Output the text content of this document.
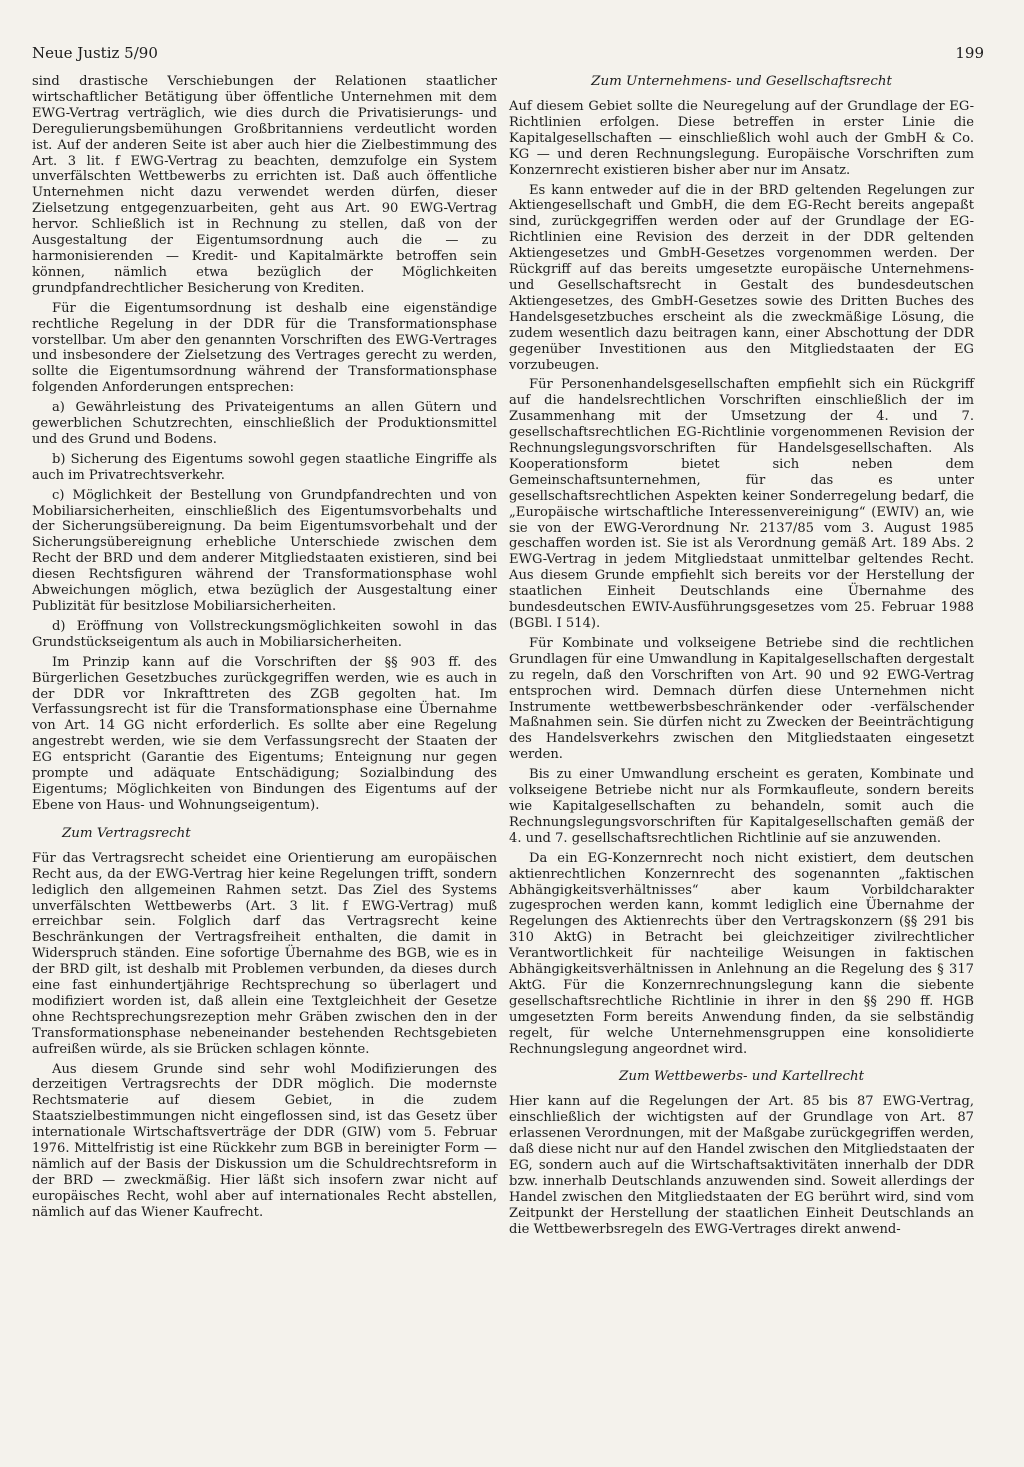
Neue Justiz 5/90	199

sind drastische Verschiebungen der Relationen staatlicher wirtschaftlicher Betätigung über öffentliche Unternehmen mit dem EWG-Vertrag verträglich, wie dies durch die Privatisierungs- und Deregulierungsbemühungen Großbritanniens verdeutlicht worden ist. Auf der anderen Seite ist aber auch hier die Zielbestimmung des Art. 3 lit. f EWG-Vertrag zu beachten, demzufolge ein System unverfälschten Wettbewerbs zu errichten ist. Daß auch öffentliche Unternehmen nicht dazu verwendet werden dürfen, dieser Zielsetzung entgegenzuarbeiten, geht aus Art. 90 EWG-Vertrag hervor. Schließlich ist in Rechnung zu stellen, daß von der Ausgestaltung der Eigentumsordnung auch die — zu harmonisierenden — Kredit- und Kapitalmärkte betroffen sein können, nämlich etwa bezüglich der Möglichkeiten grundpfandrechtlicher Besicherung von Krediten.

Für die Eigentumsordnung ist deshalb eine eigenständige rechtliche Regelung in der DDR für die Transformationsphase vorstellbar. Um aber den genannten Vorschriften des EWG-Vertrages und insbesondere der Zielsetzung des Vertrages gerecht zu werden, sollte die Eigentumsordnung während der Transformationsphase folgenden Anforderungen entsprechen:

a) Gewährleistung des Privateigentums an allen Gütern und gewerblichen Schutzrechten, einschließlich der Produktionsmittel und des Grund und Bodens.

b) Sicherung des Eigentums sowohl gegen staatliche Eingriffe als auch im Privatrechtsverkehr.

c) Möglichkeit der Bestellung von Grundpfandrechten und von Mobiliarsicherheiten, einschließlich des Eigentumsvorbehalts und der Sicherungsübereignung. Da beim Eigentumsvorbehalt und der Sicherungsübereignung erhebliche Unterschiede zwischen dem Recht der BRD und dem anderer Mitgliedstaaten existieren, sind bei diesen Rechtsfiguren während der Transformationsphase wohl Abweichungen möglich, etwa bezüglich der Ausgestaltung einer Publizität für besitzlose Mobiliarsicherheiten.

d) Eröffnung von Vollstreckungsmöglichkeiten sowohl in das Grundstückseigentum als auch in Mobiliarsicherheiten.

Im Prinzip kann auf die Vorschriften der §§ 903 ff. des Bürgerlichen Gesetzbuches zurückgegriffen werden, wie es auch in der DDR vor Inkrafttreten des ZGB gegolten hat. Im Verfassungsrecht ist für die Transformationsphase eine Übernahme von Art. 14 GG nicht erforderlich. Es sollte aber eine Regelung angestrebt werden, wie sie dem Verfassungsrecht der Staaten der EG entspricht (Garantie des Eigentums; Enteignung nur gegen prompte und adäquate Entschädigung; Sozialbindung des Eigentums; Möglichkeiten von Bindungen des Eigentums auf der Ebene von Haus- und Wohnungseigentum).

Zum Vertragsrecht

Für das Vertragsrecht scheidet eine Orientierung am europäischen Recht aus, da der EWG-Vertrag hier keine Regelungen trifft, sondern lediglich den allgemeinen Rahmen setzt. Das Ziel des Systems unverfälschten Wettbewerbs (Art. 3 lit. f EWG-Vertrag) muß erreichbar sein. Folglich darf das Vertragsrecht keine Beschränkungen der Vertragsfreiheit enthalten, die damit in Widerspruch ständen. Eine sofortige Übernahme des BGB, wie es in der BRD gilt, ist deshalb mit Problemen verbunden, da dieses durch eine fast einhundertjährige Rechtsprechung so überlagert und modifiziert worden ist, daß allein eine Textgleichheit der Gesetze ohne Rechtsprechungsrezeption mehr Gräben zwischen den in der Transformationsphase nebeneinander bestehenden Rechtsgebieten aufreißen würde, als sie Brücken schlagen könnte.

Aus diesem Grunde sind sehr wohl Modifizierungen des derzeitigen Vertragsrechts der DDR möglich. Die modernste Rechtsmaterie auf diesem Gebiet, in die zudem Staatszielbestimmungen nicht eingeflossen sind, ist das Gesetz über internationale Wirtschaftsverträge der DDR (GIW) vom 5. Februar 1976. Mittelfristig ist eine Rückkehr zum BGB in bereinigter Form — nämlich auf der Basis der Diskussion um die Schuldrechtsreform in der BRD — zweckmäßig. Hier läßt sich insofern zwar nicht auf europäisches Recht, wohl aber auf internationales Recht abstellen, nämlich auf das Wiener Kaufrecht.

Zum Unternehmens- und Gesellschaftsrecht

Auf diesem Gebiet sollte die Neuregelung auf der Grundlage der EG-Richtlinien erfolgen. Diese betreffen in erster Linie die Kapitalgesellschaften — einschließlich wohl auch der GmbH & Co. KG — und deren Rechnungslegung. Europäische Vorschriften zum Konzernrecht existieren bisher aber nur im Ansatz.

Es kann entweder auf die in der BRD geltenden Regelungen zur Aktiengesellschaft und GmbH, die dem EG-Recht bereits angepaßt sind, zurückgegriffen werden oder auf der Grundlage der EG-Richtlinien eine Revision des derzeit in der DDR geltenden Aktiengesetzes und GmbH-Gesetzes vorgenommen werden. Der Rückgriff auf das bereits umgesetzte europäische Unternehmens- und Gesellschaftsrecht in Gestalt des bundesdeutschen Aktiengesetzes, des GmbH-Gesetzes sowie des Dritten Buches des Handelsgesetzbuches erscheint als die zweckmäßige Lösung, die zudem wesentlich dazu beitragen kann, einer Abschottung der DDR gegenüber Investitionen aus den Mitgliedstaaten der EG vorzubeugen.

Für Personenhandelsgesellschaften empfiehlt sich ein Rückgriff auf die handelsrechtlichen Vorschriften einschließlich der im Zusammenhang mit der Umsetzung der 4. und 7. gesellschaftsrechtlichen EG-Richtlinie vorgenommenen Revision der Rechnungslegungsvorschriften für Handelsgesellschaften. Als Kooperationsform bietet sich neben dem Gemeinschaftsunternehmen, für das es unter gesellschaftsrechtlichen Aspekten keiner Sonderregelung bedarf, die „Europäische wirtschaftliche Interessenvereinigung“ (EWIV) an, wie sie von der EWG-Verordnung Nr. 2137/85 vom 3. August 1985 geschaffen worden ist. Sie ist als Verordnung gemäß Art. 189 Abs. 2 EWG-Vertrag in jedem Mitgliedstaat unmittelbar geltendes Recht. Aus diesem Grunde empfiehlt sich bereits vor der Herstellung der staatlichen Einheit Deutschlands eine Übernahme des bundesdeutschen EWIV-Ausführungsgesetzes vom 25. Februar 1988 (BGBl. I 514).

Für Kombinate und volkseigene Betriebe sind die rechtlichen Grundlagen für eine Umwandlung in Kapitalgesellschaften dergestalt zu regeln, daß den Vorschriften von Art. 90 und 92 EWG-Vertrag entsprochen wird. Demnach dürfen diese Unternehmen nicht Instrumente wettbewerbsbeschränkender oder -verfälschender Maßnahmen sein. Sie dürfen nicht zu Zwecken der Beeinträchtigung des Handelsverkehrs zwischen den Mitgliedstaaten eingesetzt werden.

Bis zu einer Umwandlung erscheint es geraten, Kombinate und volkseigene Betriebe nicht nur als Formkaufleute, sondern bereits wie Kapitalgesellschaften zu behandeln, somit auch die Rechnungslegungsvorschriften für Kapitalgesellschaften gemäß der 4. und 7. gesellschaftsrechtlichen Richtlinie auf sie anzuwenden.

Da ein EG-Konzernrecht noch nicht existiert, dem deutschen aktienrechtlichen Konzernrecht des sogenannten „faktischen Abhängigkeitsverhältnisses“ aber kaum Vorbildcharakter zugesprochen werden kann, kommt lediglich eine Übernahme der Regelungen des Aktienrechts über den Vertragskonzern (§§ 291 bis 310 AktG) in Betracht bei gleichzeitiger zivilrechtlicher Verantwortlichkeit für nachteilige Weisungen in faktischen Abhängigkeitsverhältnissen in Anlehnung an die Regelung des § 317 AktG. Für die Konzernrechnungslegung kann die siebente gesellschaftsrechtliche Richtlinie in ihrer in den §§ 290 ff. HGB umgesetzten Form bereits Anwendung finden, da sie selbständig regelt, für welche Unternehmensgruppen eine konsolidierte Rechnungslegung angeordnet wird.

Zum Wettbewerbs- und Kartellrecht

Hier kann auf die Regelungen der Art. 85 bis 87 EWG-Vertrag, einschließlich der wichtigsten auf der Grundlage von Art. 87 erlassenen Verordnungen, mit der Maßgabe zurückgegriffen werden, daß diese nicht nur auf den Handel zwischen den Mitgliedstaaten der EG, sondern auch auf die Wirtschaftsaktivitäten innerhalb der DDR bzw. innerhalb Deutschlands anzuwenden sind. Soweit allerdings der Handel zwischen den Mitgliedstaaten der EG berührt wird, sind vom Zeitpunkt der Herstellung der staatlichen Einheit Deutschlands an die Wettbewerbsregeln des EWG-Vertrages direkt anwend-
